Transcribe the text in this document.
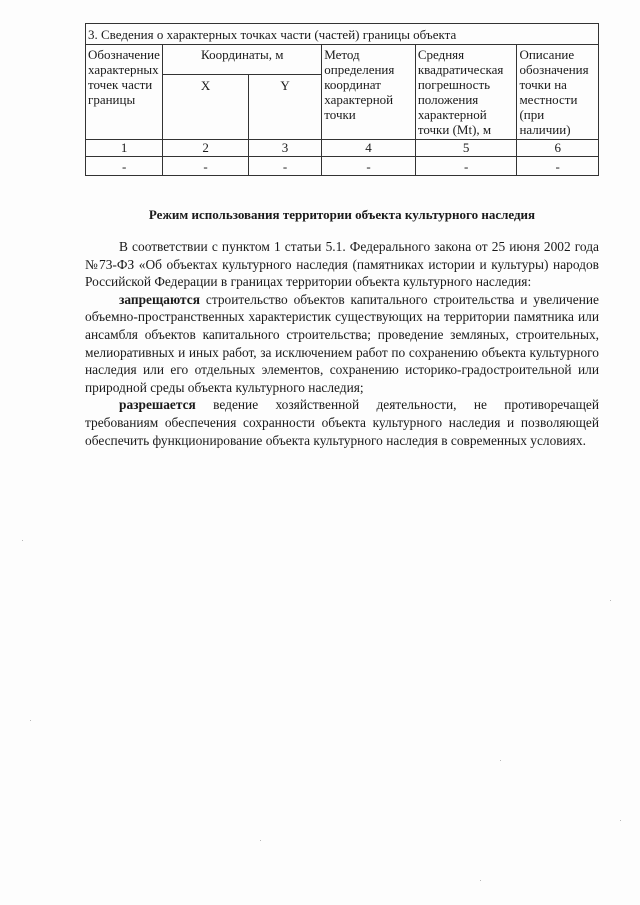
3. Сведения о характерных точках части (частей) границы объекта					
Обозначение характерных точек части границы	Координаты, м		Метод определения координат характерной точки	Средняя квадратическая погрешность положения характерной точки (Mt), м	Описание обозначения точки на местности (при наличии)
	X	Y			
1	2	3	4	5	6
-	-	-	-	-	-
Режим использования территории объекта культурного наследия

В соответствии с пунктом 1 статьи 5.1. Федерального закона от 25 июня 2002 года №73-ФЗ «Об объектах культурного наследия (памятниках истории и культуры) народов Российской Федерации в границах территории объекта культурного наследия:

запрещаются строительство объектов капитального строительства и увеличение объемно-пространственных характеристик существующих на территории памятника или ансамбля объектов капитального строительства; проведение земляных, строительных, мелиоративных и иных работ, за исключением работ по сохранению объекта культурного наследия или его отдельных элементов, сохранению историко-градостроительной или природной среды объекта культурного наследия;

разрешается ведение хозяйственной деятельности, не противоречащей требованиям обеспечения сохранности объекта культурного наследия и позволяющей обеспечить функционирование объекта культурного наследия в современных условиях.
